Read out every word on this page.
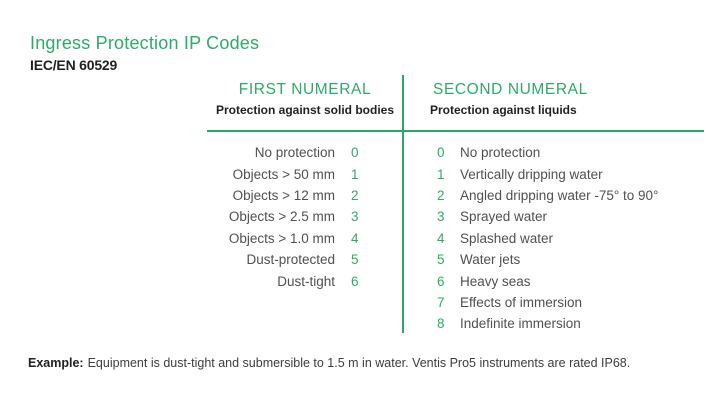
Ingress Protection IP Codes
IEC/EN 60529
FIRST NUMERAL
Protection against solid bodies
SECOND NUMERAL
Protection against liquids
No protection 0
Objects > 50 mm 1
Objects > 12 mm 2
Objects > 2.5 mm 3
Objects > 1.0 mm 4
Dust-protected 5
Dust-tight 6
0	No protection
1	Vertically dripping water
2	Angled dripping water -75° to 90°
3	Sprayed water
4	Splashed water
5	Water jets
6	Heavy seas
7	Effects of immersion
8	Indefinite immersion
Example: Equipment is dust-tight and submersible to 1.5 m in water. Ventis Pro5 instruments are rated IP68.
